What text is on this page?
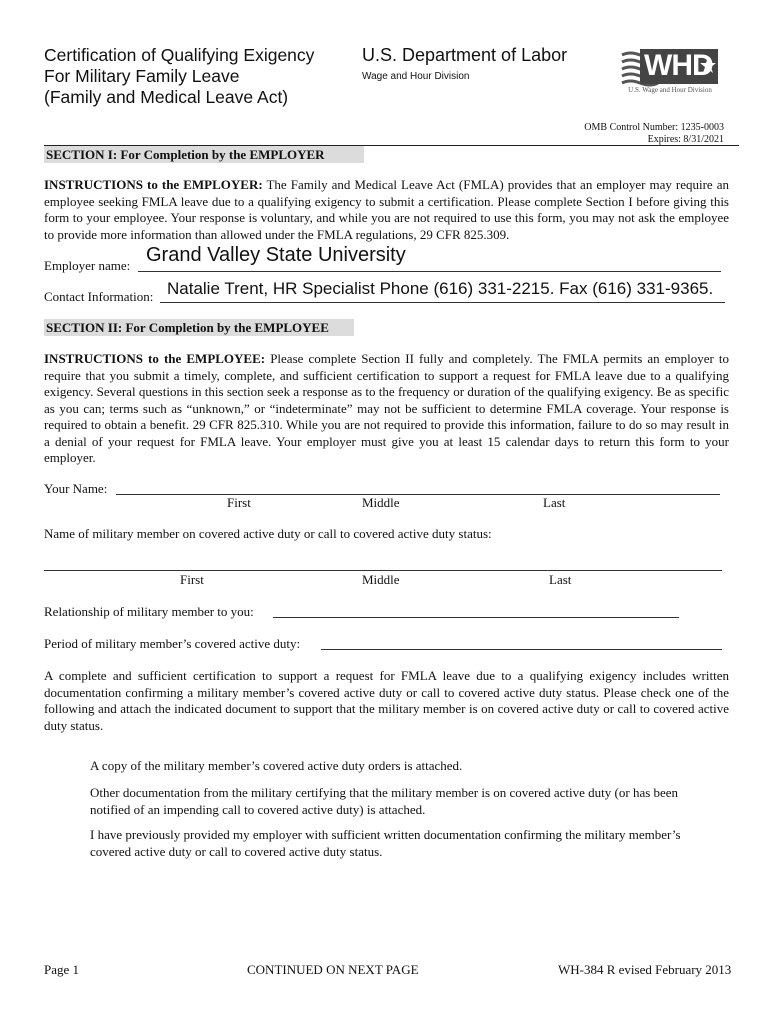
Certification of Qualifying Exigency
For Military Family Leave
(Family and Medical Leave Act)
U.S. Department of Labor
Wage and Hour Division	WHD
U.S. Wage and Hour Division
OMB Control Number: 1235-0003
Expires: 8/31/2021
SECTION I: For Completion by the EMPLOYER
INSTRUCTIONS to the EMPLOYER: The Family and Medical Leave Act (FMLA) provides that an employer may require an employee seeking FMLA leave due to a qualifying exigency to submit a certification. Please complete Section I before giving this form to your employee. Your response is voluntary, and while you are not required to use this form, you may not ask the employee to provide more information than allowed under the FMLA regulations, 29 CFR 825.309.
Employer name: Grand Valley State University
Contact Information: Natalie Trent, HR Specialist Phone (616) 331-2215. Fax (616) 331-9365.
SECTION II: For Completion by the EMPLOYEE
INSTRUCTIONS to the EMPLOYEE: Please complete Section II fully and completely. The FMLA permits an employer to require that you submit a timely, complete, and sufficient certification to support a request for FMLA leave due to a qualifying exigency. Several questions in this section seek a response as to the frequency or duration of the qualifying exigency. Be as specific as you can; terms such as “unknown,” or “indeterminate” may not be sufficient to determine FMLA coverage. Your response is required to obtain a benefit. 29 CFR 825.310. While you are not required to provide this information, failure to do so may result in a denial of your request for FMLA leave. Your employer must give you at least 15 calendar days to return this form to your employer.
Your Name:
First	Middle	Last
Name of military member on covered active duty or call to covered active duty status:
First	Middle	Last
Relationship of military member to you:
Period of military member’s covered active duty:
A complete and sufficient certification to support a request for FMLA leave due to a qualifying exigency includes written documentation confirming a military member’s covered active duty or call to covered active duty status. Please check one of the following and attach the indicated document to support that the military member is on covered active duty or call to covered active duty status.
A copy of the military member’s covered active duty orders is attached.
Other documentation from the military certifying that the military member is on covered active duty (or has been notified of an impending call to covered active duty) is attached.
I have previously provided my employer with sufficient written documentation confirming the military member’s covered active duty or call to covered active duty status.
Page 1	CONTINUED ON NEXT PAGE	WH-384 R evised February 2013
